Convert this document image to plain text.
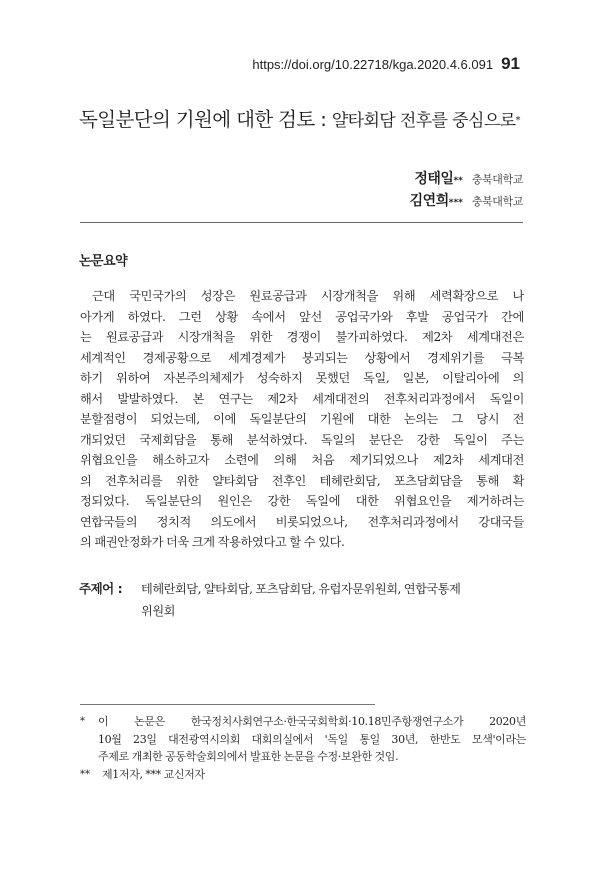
https://doi.org/10.22718/kga.2020.4.6.091 91
독일분단의 기원에 대한 검토 : 얄타회담 전후를 중심으로*
정태일 ** 충북대학교
김연희 *** 충북대학교
논문요약
근대 국민국가의 성장은 원료공급과 시장개척을 위해 세력확장으로 나
아가게 하였다. 그런 상황 속에서 앞선 공업국가와 후발 공업국가 간에
는 원료공급과 시장개척을 위한 경쟁이 불가피하였다. 제2차 세계대전은
세계적인 경제공황으로 세계경제가 붕괴되는 상황에서 경제위기를 극복
하기 위하여 자본주의체제가 성숙하지 못했던 독일, 일본, 이탈리아에 의
해서 발발하였다. 본 연구는 제2차 세계대전의 전후처리과정에서 독일이
분할점령이 되었는데, 이에 독일분단의 기원에 대한 논의는 그 당시 전
개되었던 국제회담을 통해 분석하였다. 독일의 분단은 강한 독일이 주는
위협요인을 해소하고자 소련에 의해 처음 제기되었으나 제2차 세계대전
의 전후처리를 위한 얄타회담 전후인 테헤란회담, 포츠담회담을 통해 확
정되었다. 독일분단의 원인은 강한 독일에 대한 위협요인을 제거하려는
연합국들의 정치적 의도에서 비롯되었으나, 전후처리과정에서 강대국들
의 패권안정화가 더욱 크게 작용하였다고 할 수 있다.
주제어 :	테헤란회담, 얄타회담, 포츠담회담, 유럽자문위원회, 연합국통제
위원회
*	이 논문은 한국정치사회연구소·한국국회학회·10.18민주항쟁연구소가 2020년
10월 23일 대전광역시의회 대회의실에서 '독일 통일 30년, 한반도 모색'이라는
주제로 개최한 공동학술회의에서 발표한 논문을 수정·보완한 것임.
**	제1저자, *** 교신저자
